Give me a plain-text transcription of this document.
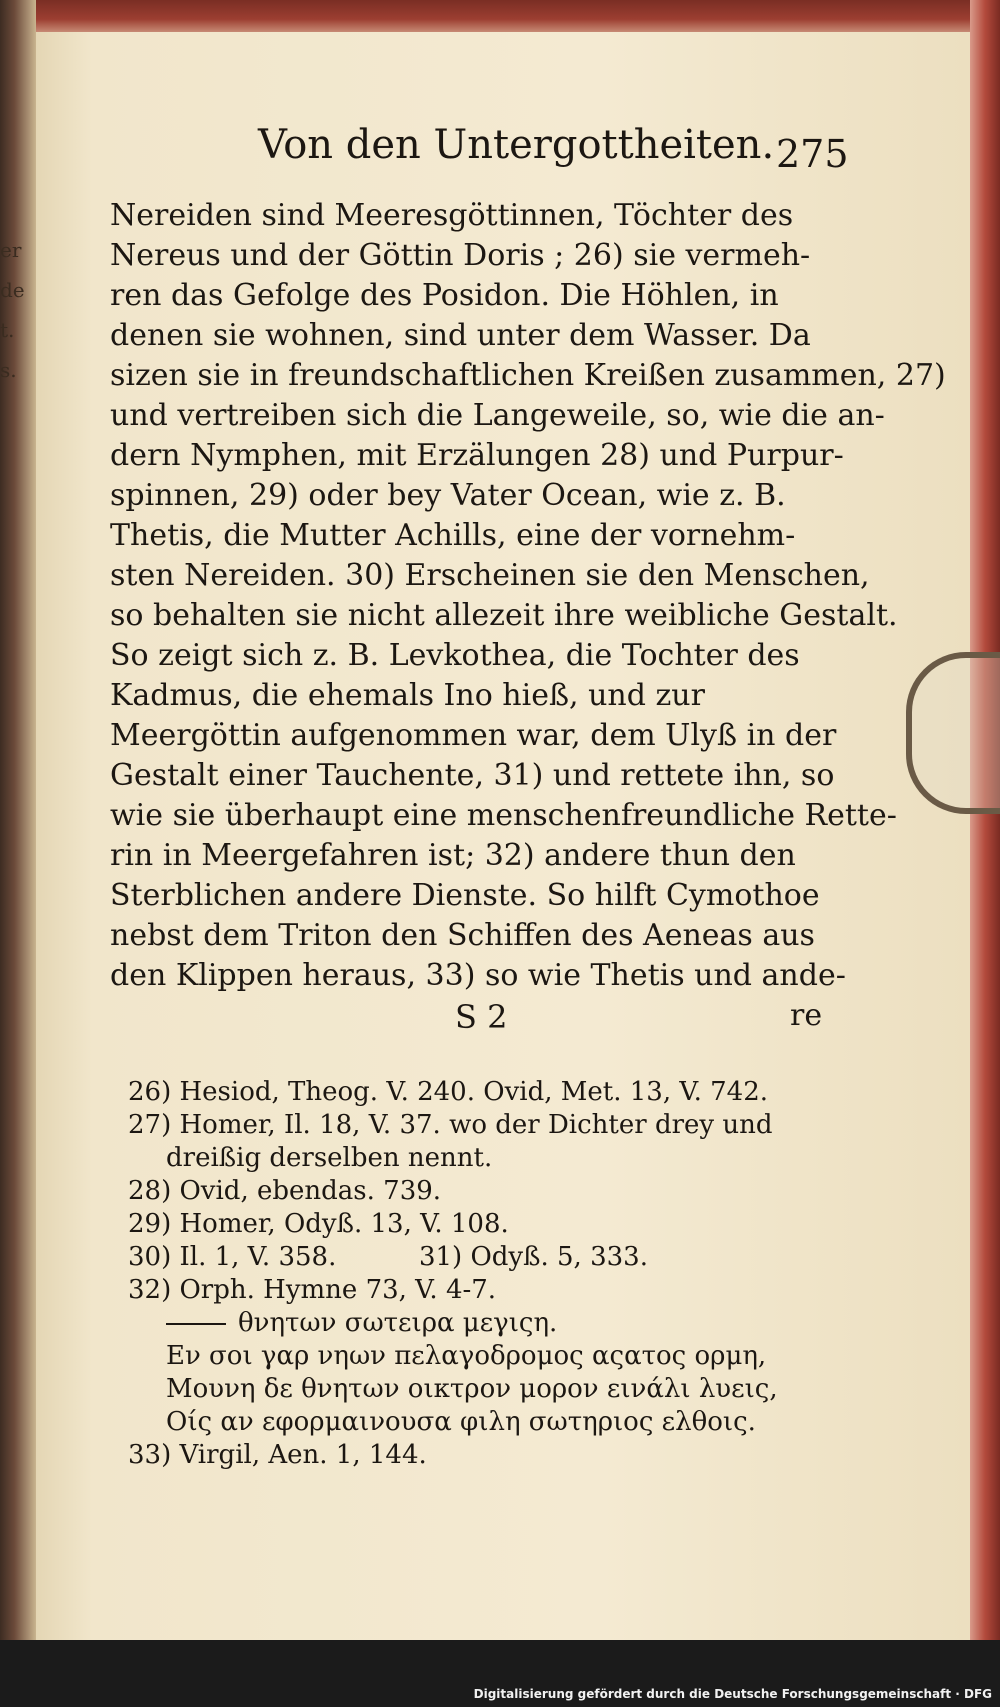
er
de
t.
s.
Von den Untergottheiten. 275
Nereiden sind Meeresgöttinnen, Töchter des
Nereus und der Göttin Doris ; 26) sie vermeh-
ren das Gefolge des Posidon. Die Höhlen, in
denen sie wohnen, sind unter dem Wasser. Da
sizen sie in freundschaftlichen Kreißen zusammen, 27)
und vertreiben sich die Langeweile, so, wie die an-
dern Nymphen, mit Erzälungen 28) und Purpur-
spinnen, 29) oder bey Vater Ocean, wie z. B.
Thetis, die Mutter Achills, eine der vornehm-
sten Nereiden. 30) Erscheinen sie den Menschen,
so behalten sie nicht allezeit ihre weibliche Gestalt.
So zeigt sich z. B. Levkothea, die Tochter des
Kadmus, die ehemals Ino hieß, und zur
Meergöttin aufgenommen war, dem Ulyß in der
Gestalt einer Tauchente, 31) und rettete ihn, so
wie sie überhaupt eine menschenfreundliche Rette-
rin in Meergefahren ist; 32) andere thun den
Sterblichen andere Dienste. So hilft Cymothoe
nebst dem Triton den Schiffen des Aeneas aus
den Klippen heraus, 33) so wie Thetis und ande-
S 2	re
26) Hesiod, Theog. V. 240. Ovid, Met. 13, V. 742.
27) Homer, Il. 18, V. 37. wo der Dichter drey und
dreißig derselben nennt.
28) Ovid, ebendas. 739.
29) Homer, Odyß. 13, V. 108.
30) Il. 1, V. 358.          31) Odyß. 5, 333.
32) Orph. Hymne 73, V. 4-7.
θνητων σωτειρα μεγιςη.
Εν σοι γαρ νηων πελαγοδρομος αςατος ορμη,
Μουνη δε θνητων οικτρον μορον εινάλι λυεις,
Οίς αν εφορμαινουσα φιλη σωτηριος ελθοις.
33) Virgil, Aen. 1, 144.
Digitalisierung gefördert durch die Deutsche Forschungsgemeinschaft · DFG
